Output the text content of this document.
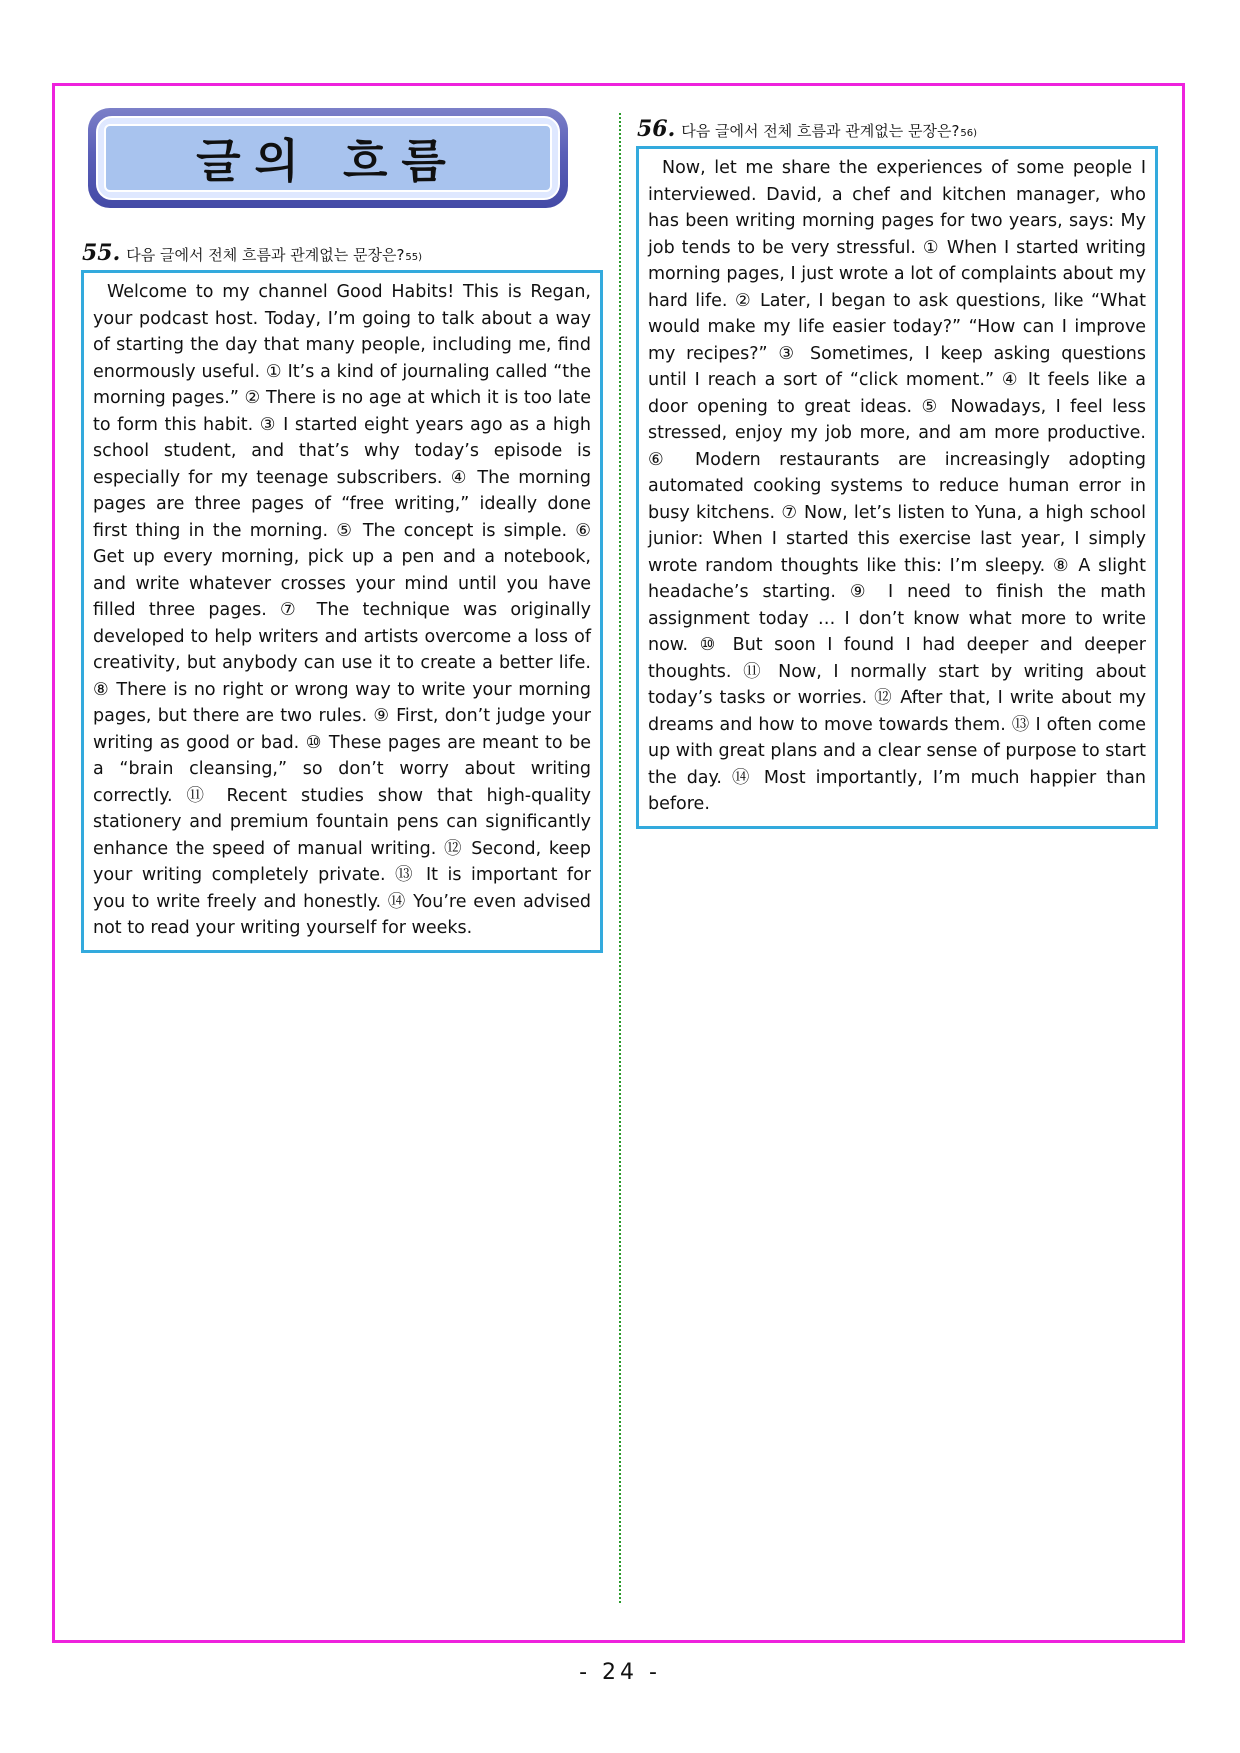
글의 흐름
55. 다음 글에서 전체 흐름과 관계없는 문장은? 55)

Welcome to my channel Good Habits! This is Regan, your podcast host. Today, I’m going to talk about a way of starting the day that many people, including me, find enormously useful. ① It’s a kind of journaling called “the morning pages.” ② There is no age at which it is too late to form this habit. ③ I started eight years ago as a high school student, and that’s why today’s episode is especially for my teenage subscribers. ④ The morning pages are three pages of “free writing,” ideally done first thing in the morning. ⑤ The concept is simple. ⑥ Get up every morning, pick up a pen and a notebook, and write whatever crosses your mind until you have filled three pages. ⑦ The technique was originally developed to help writers and artists overcome a loss of creativity, but anybody can use it to create a better life. ⑧ There is no right or wrong way to write your morning pages, but there are two rules. ⑨ First, don’t judge your writing as good or bad. ⑩ These pages are meant to be a “brain cleansing,” so don’t worry about writing correctly. ⑪ Recent studies show that high-quality stationery and premium fountain pens can significantly enhance the speed of manual writing. ⑫ Second, keep your writing completely private. ⑬ It is important for you to write freely and honestly. ⑭ You’re even advised not to read your writing yourself for weeks.

56. 다음 글에서 전체 흐름과 관계없는 문장은? 56)

Now, let me share the experiences of some people I interviewed. David, a chef and kitchen manager, who has been writing morning pages for two years, says: My job tends to be very stressful. ① When I started writing morning pages, I just wrote a lot of complaints about my hard life. ② Later, I began to ask questions, like “What would make my life easier today?” “How can I improve my recipes?” ③ Sometimes, I keep asking questions until I reach a sort of “click moment.” ④ It feels like a door opening to great ideas. ⑤ Nowadays, I feel less stressed, enjoy my job more, and am more productive. ⑥ Modern restaurants are increasingly adopting automated cooking systems to reduce human error in busy kitchens. ⑦ Now, let’s listen to Yuna, a high school junior: When I started this exercise last year, I simply wrote random thoughts like this: I’m sleepy. ⑧ A slight headache’s starting. ⑨ I need to finish the math assignment today … I don’t know what more to write now. ⑩ But soon I found I had deeper and deeper thoughts. ⑪ Now, I normally start by writing about today’s tasks or worries. ⑫ After that, I write about my dreams and how to move towards them. ⑬ I often come up with great plans and a clear sense of purpose to start the day. ⑭ Most importantly, I’m much happier than before.

- 24 -
